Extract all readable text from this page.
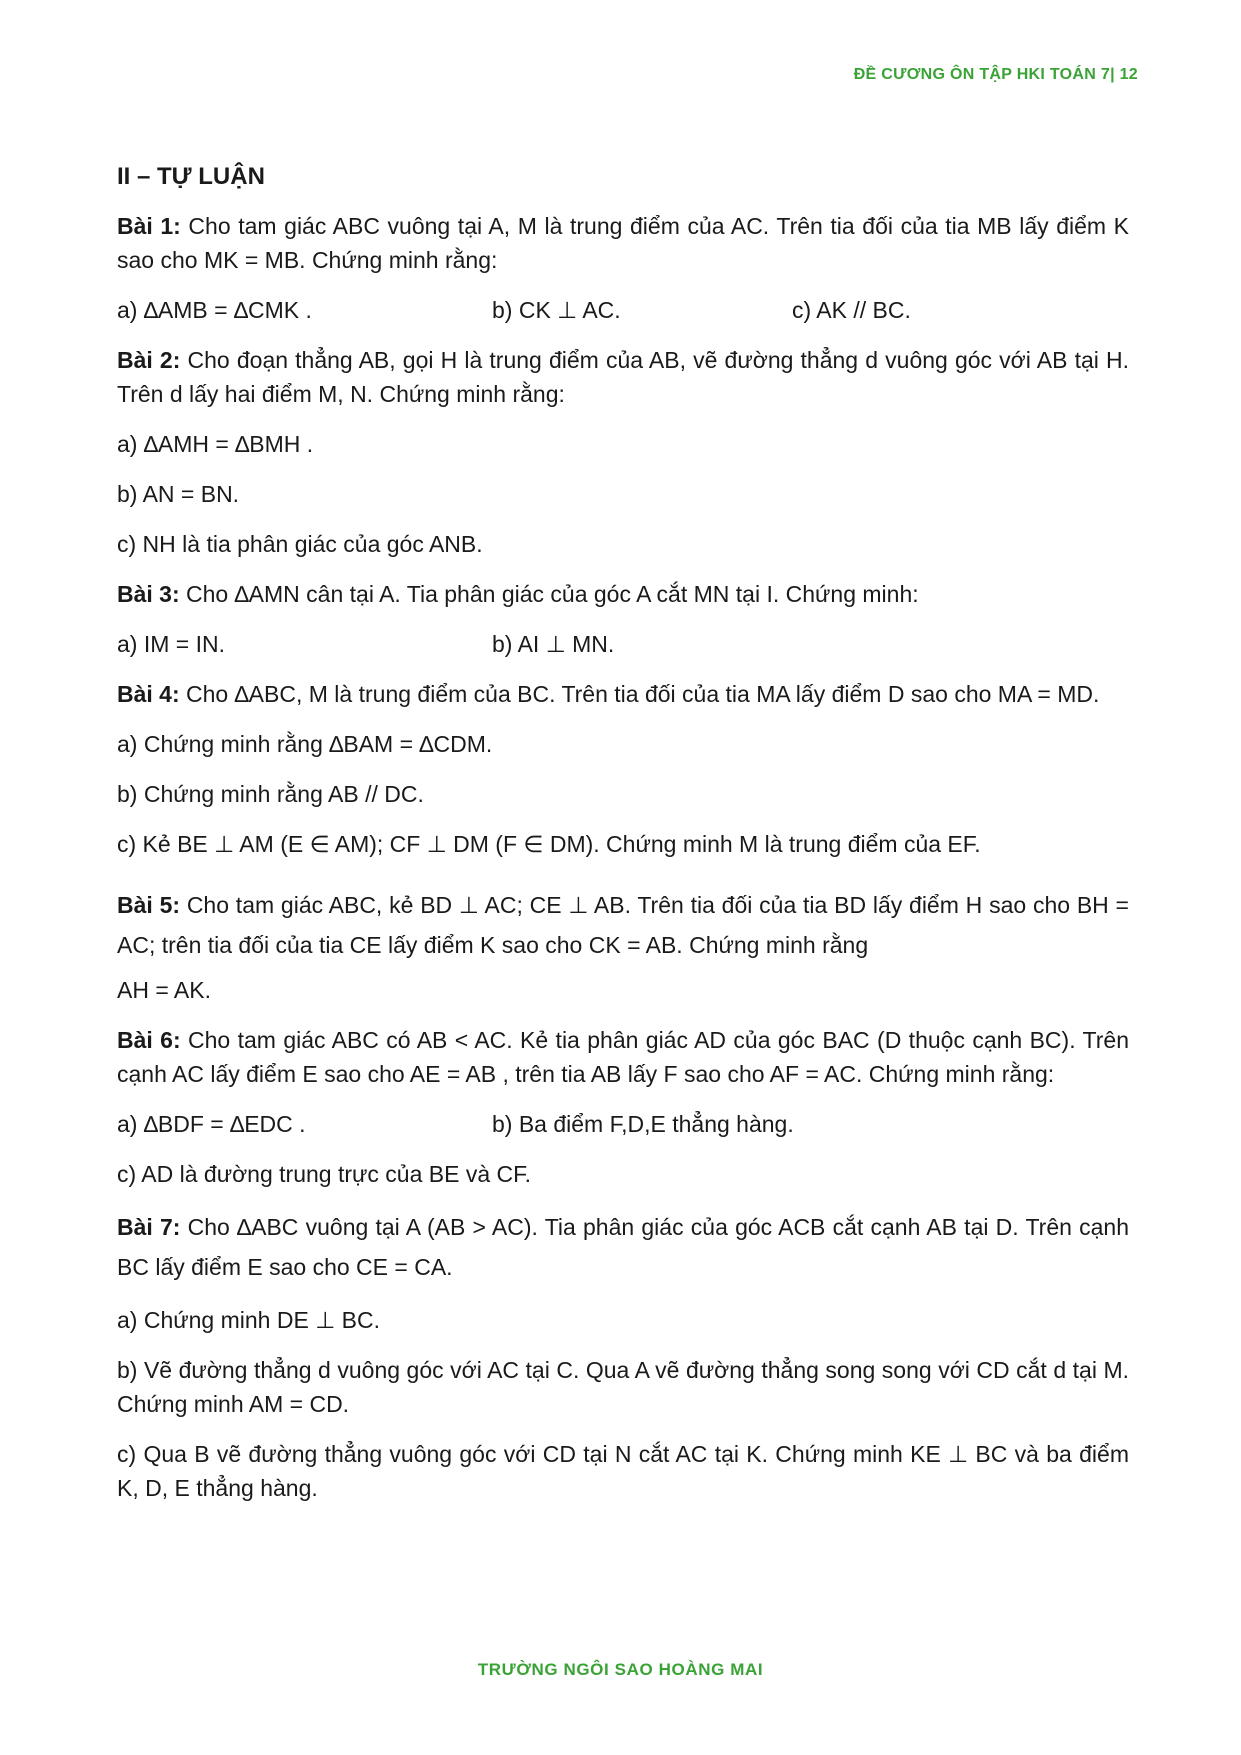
ĐỀ CƯƠNG ÔN TẬP HKI TOÁN 7| 12
II – TỰ LUẬN
Bài 1: Cho tam giác ABC vuông tại A, M là trung điểm của AC. Trên tia đối của tia MB lấy điểm K sao cho MK = MB. Chứng minh rằng:
a) ∆AMB = ∆CMK .	b) CK ⊥ AC.	c) AK // BC.
Bài 2: Cho đoạn thẳng AB, gọi H là trung điểm của AB, vẽ đường thẳng d vuông góc với AB tại H. Trên d lấy hai điểm M, N. Chứng minh rằng:
a) ∆AMH = ∆BMH .
b) AN = BN.
c) NH là tia phân giác của góc ANB.
Bài 3: Cho ∆AMN cân tại A. Tia phân giác của góc A cắt MN tại I. Chứng minh:
a) IM = IN.	b) AI ⊥ MN.
Bài 4: Cho ∆ABC, M là trung điểm của BC. Trên tia đối của tia MA lấy điểm D sao cho MA = MD.
a) Chứng minh rằng ∆BAM = ∆CDM.
b) Chứng minh rằng AB // DC.
c) Kẻ BE ⊥ AM (E ∈ AM); CF ⊥ DM (F ∈ DM). Chứng minh M là trung điểm của EF.
Bài 5: Cho tam giác ABC, kẻ BD ⊥ AC; CE ⊥ AB. Trên tia đối của tia BD lấy điểm H sao cho BH = AC; trên tia đối của tia CE lấy điểm K sao cho CK = AB. Chứng minh rằng
AH = AK.
Bài 6: Cho tam giác ABC có AB < AC. Kẻ tia phân giác AD của góc BAC (D thuộc cạnh BC). Trên cạnh AC lấy điểm E sao cho AE = AB , trên tia AB lấy F sao cho AF = AC. Chứng minh rằng:
a) ∆BDF = ∆EDC .	b) Ba điểm F,D,E thẳng hàng.
c) AD là đường trung trực của BE và CF.
Bài 7: Cho ∆ABC vuông tại A (AB > AC). Tia phân giác của góc ACB cắt cạnh AB tại D. Trên cạnh BC lấy điểm E sao cho CE = CA.
a) Chứng minh DE ⊥ BC.
b) Vẽ đường thẳng d vuông góc với AC tại C. Qua A vẽ đường thẳng song song với CD cắt d tại M. Chứng minh AM = CD.
c) Qua B vẽ đường thẳng vuông góc với CD tại N cắt AC tại K. Chứng minh KE ⊥ BC và ba điểm K, D, E thẳng hàng.
TRƯỜNG NGÔI SAO HOÀNG MAI
